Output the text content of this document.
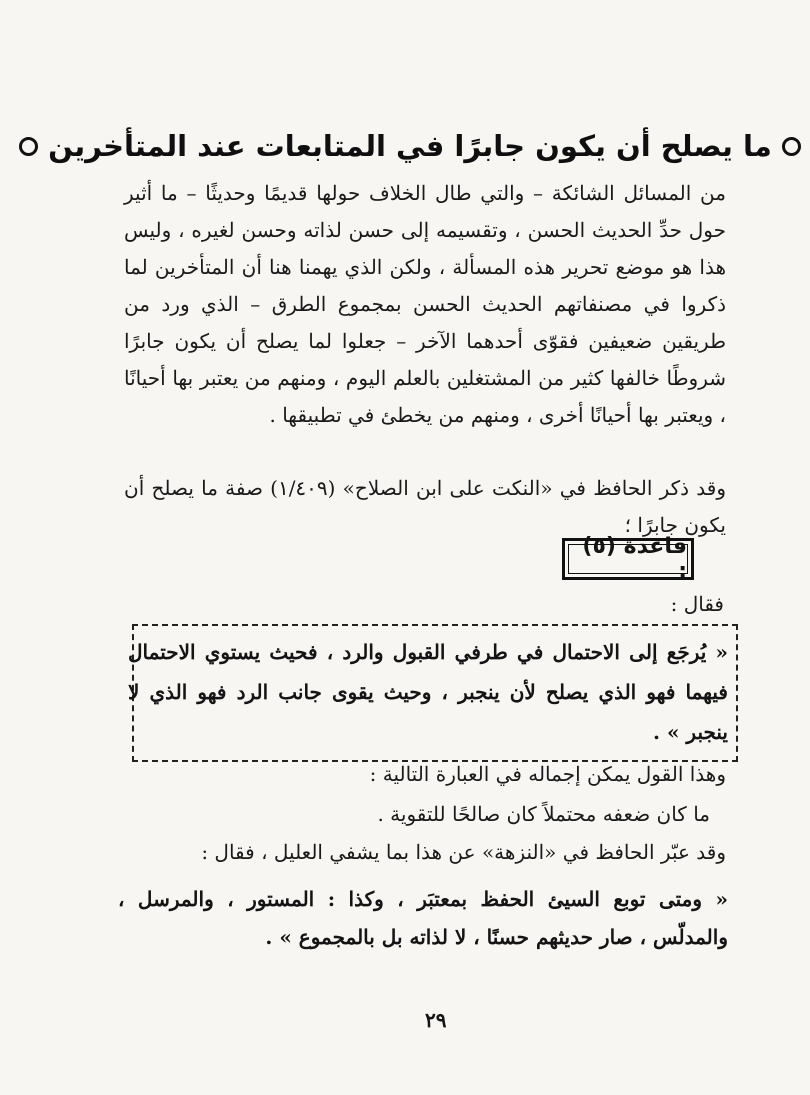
ما يصلح أن يكون جابرًا في المتابعات عند المتأخرين
من المسائل الشائكة – والتي طال الخلاف حولها قديمًا وحديثًا – ما أثير حول حدِّ الحديث الحسن ، وتقسيمه إلى حسن لذاته وحسن لغيره ، وليس هذا هو موضع تحرير هذه المسألة ، ولكن الذي يهمنا هنا أن المتأخرين لما ذكروا في مصنفاتهم الحديث الحسن بمجموع الطرق – الذي ورد من طريقين ضعيفين فقوّى أحدهما الآخر – جعلوا لما يصلح أن يكون جابرًا شروطًا خالفها كثير من المشتغلين بالعلم اليوم ، ومنهم من يعتبر بها أحيانًا ، ويعتبر بها أحيانًا أخرى ، ومنهم من يخطئ في تطبيقها .
وقد ذكر الحافظ في «النكت على ابن الصلاح» (١/٤٠٩) صفة ما يصلح أن يكون جابرًا ؛
قاعدة (٥) :
فقال :
« يُرجَع إلى الاحتمال في طرفي القبول والرد ، فحيث يستوي الاحتمال فيهما فهو الذي يصلح لأن ينجبر ، وحيث يقوى جانب الرد فهو الذي لا ينجبر » .
وهذا القول يمكن إجماله في العبارة التالية :
ما كان ضعفه محتملاً كان صالحًا للتقوية .
وقد عبّر الحافظ في «النزهة» عن هذا بما يشفي العليل ، فقال :
« ومتى توبع السيئ الحفظ بمعتبَر ، وكذا : المستور ، والمرسل ، والمدلّس ، صار حديثهم حسنًا ، لا لذاته بل بالمجموع » .
٢٩
